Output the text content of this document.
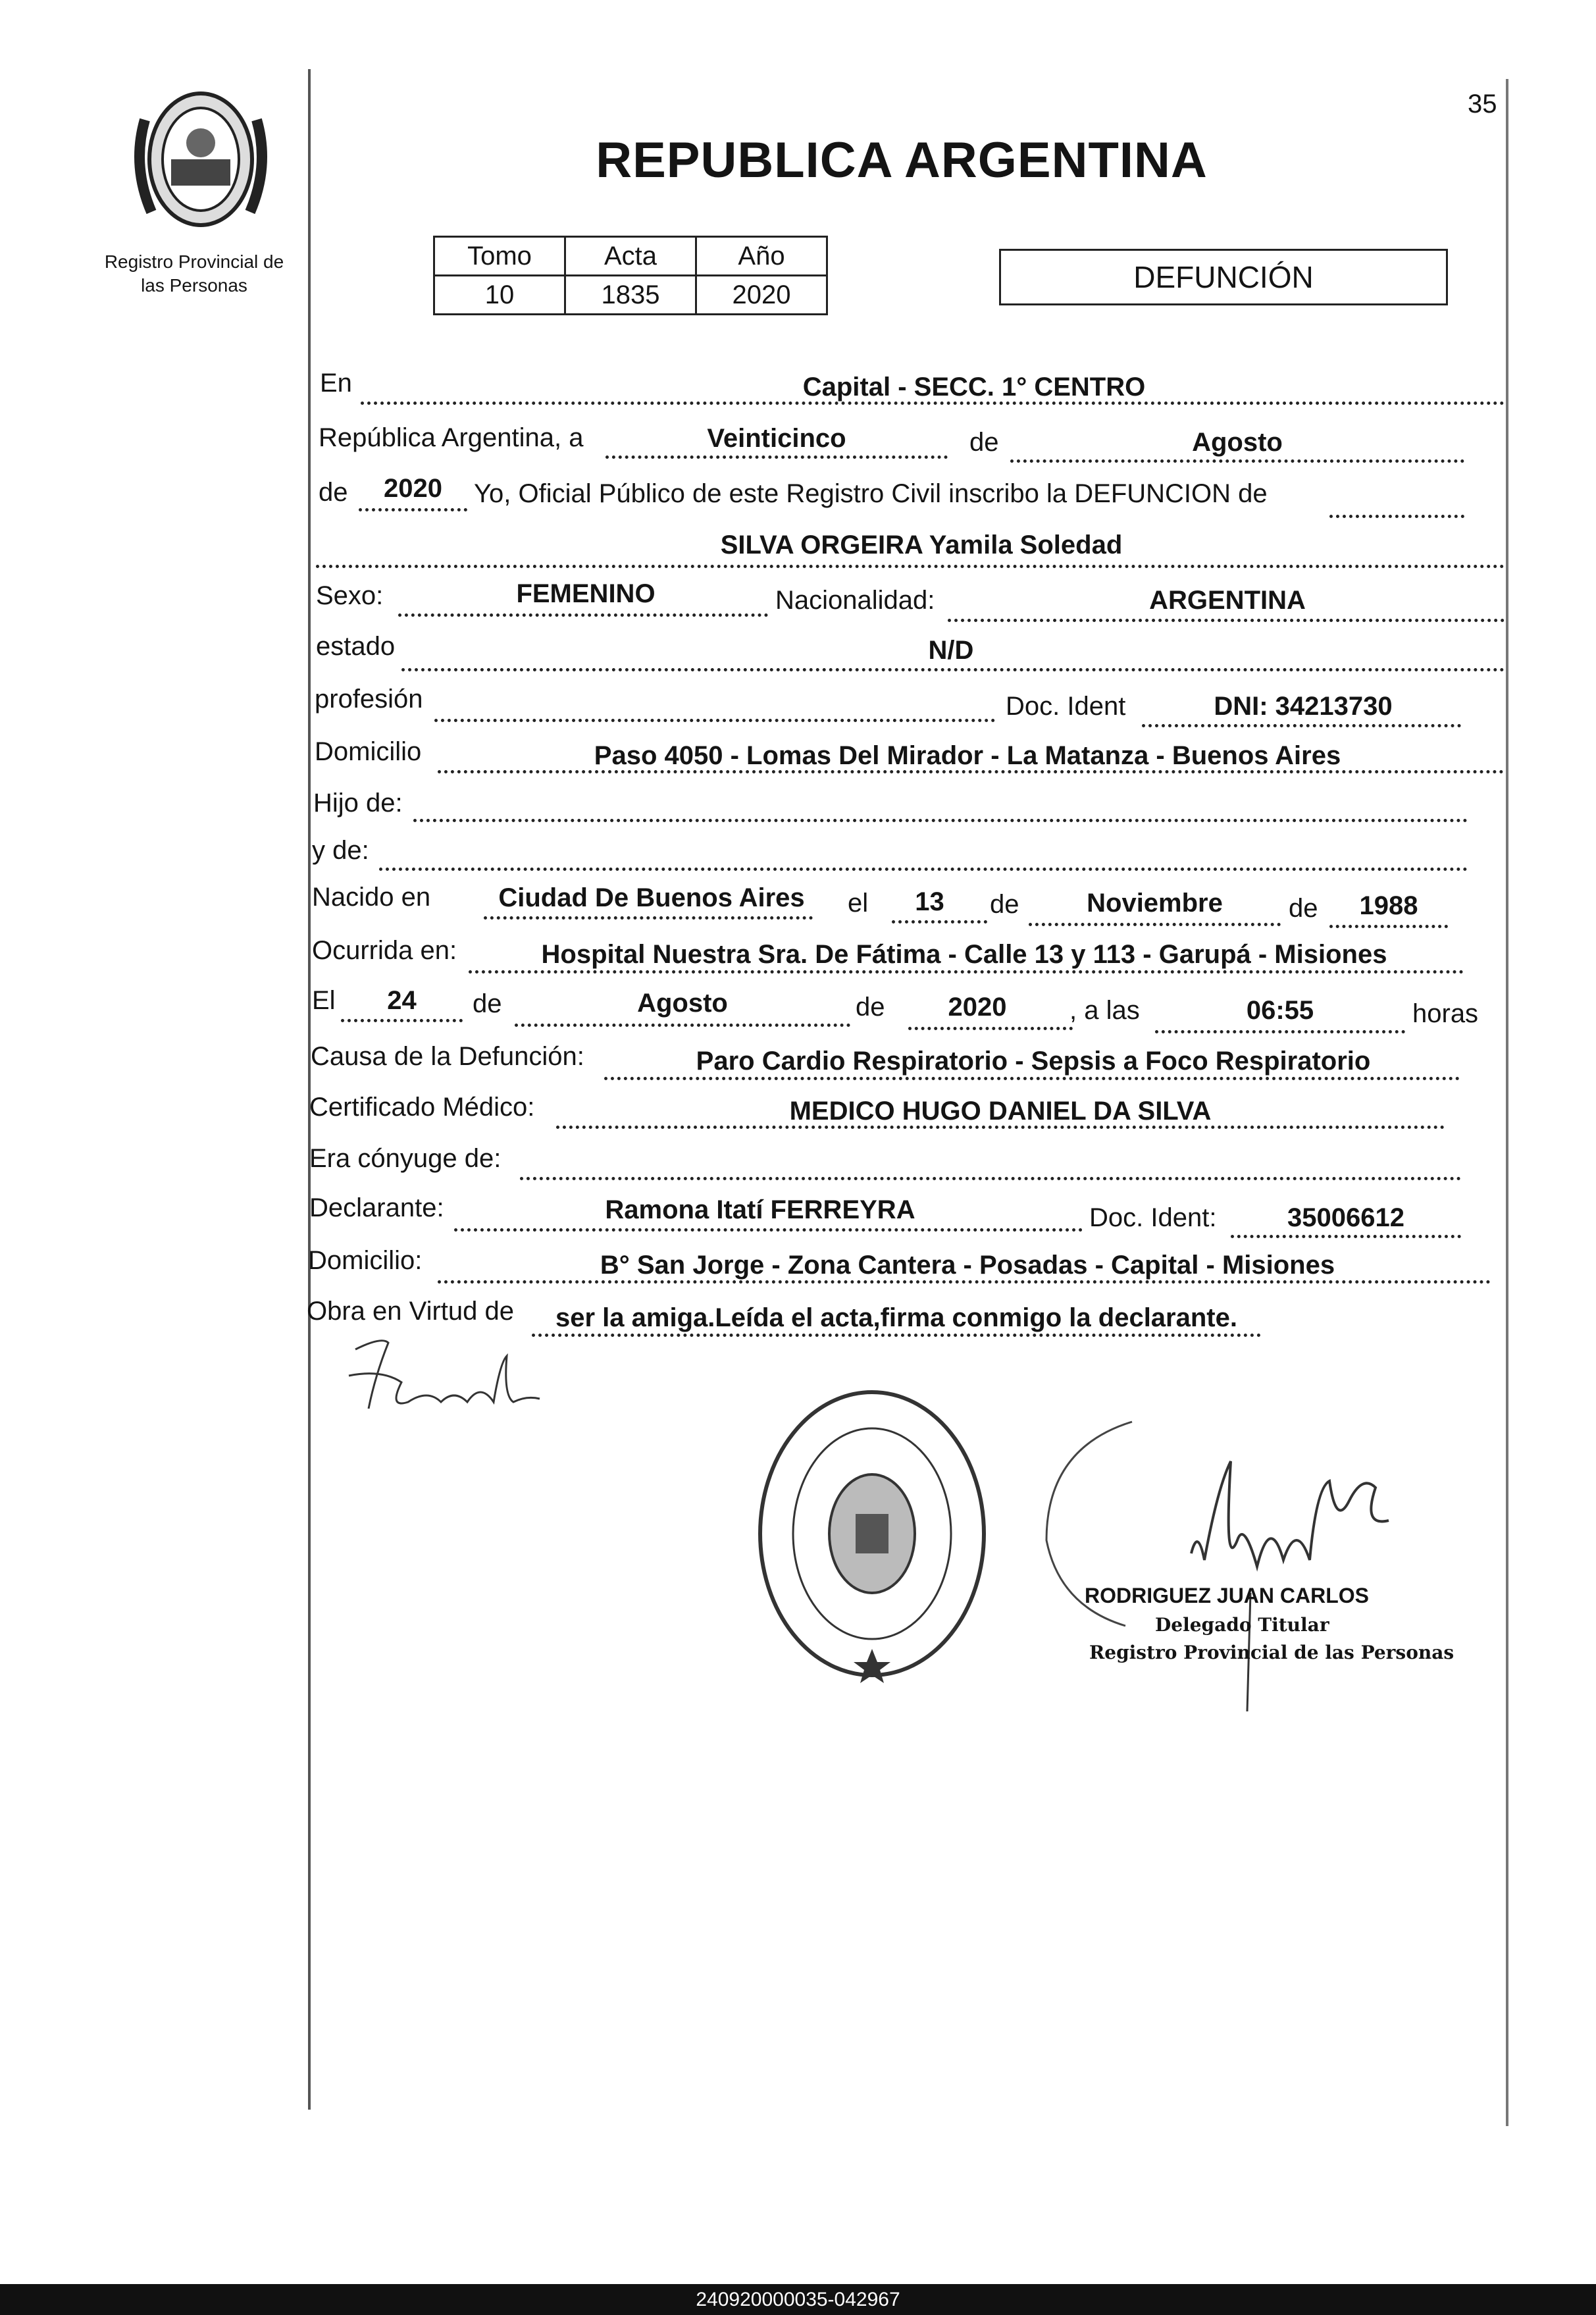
35
Registro Provincial de
las Personas
REPUBLICA ARGENTINA
Tomo	Acta	Año
10	1835	2020
DEFUNCIÓN
En	Capital - SECC. 1° CENTRO
República Argentina, a	Veinticinco	de	Agosto
de	2020	Yo, Oficial Público de este Registro Civil inscribo la DEFUNCION de
SILVA ORGEIRA Yamila Soledad
Sexo:	FEMENINO	Nacionalidad:	ARGENTINA
estado	N/D
profesión	Doc. Ident	DNI: 34213730
Domicilio	Paso 4050 - Lomas Del Mirador - La Matanza - Buenos Aires
Hijo de:
y de:
Nacido en	Ciudad De Buenos Aires	el	13	de	Noviembre	de	1988
Ocurrida en:	Hospital Nuestra Sra. De Fátima - Calle 13 y 113 - Garupá - Misiones
El	24	de	Agosto	de	2020	, a las	06:55	horas
Causa de la Defunción:	Paro Cardio Respiratorio - Sepsis a Foco Respiratorio
Certificado Médico:	MEDICO HUGO DANIEL DA SILVA
Era cónyuge de:
Declarante:	Ramona Itatí FERREYRA	Doc. Ident:	35006612
Domicilio:	B° San Jorge - Zona Cantera - Posadas - Capital - Misiones
Obra en Virtud de	ser la amiga.Leída el acta,firma conmigo la declarante.
RODRIGUEZ JUAN CARLOS
Delegado Titular
Registro Provincial de las Personas
240920000035-042967
